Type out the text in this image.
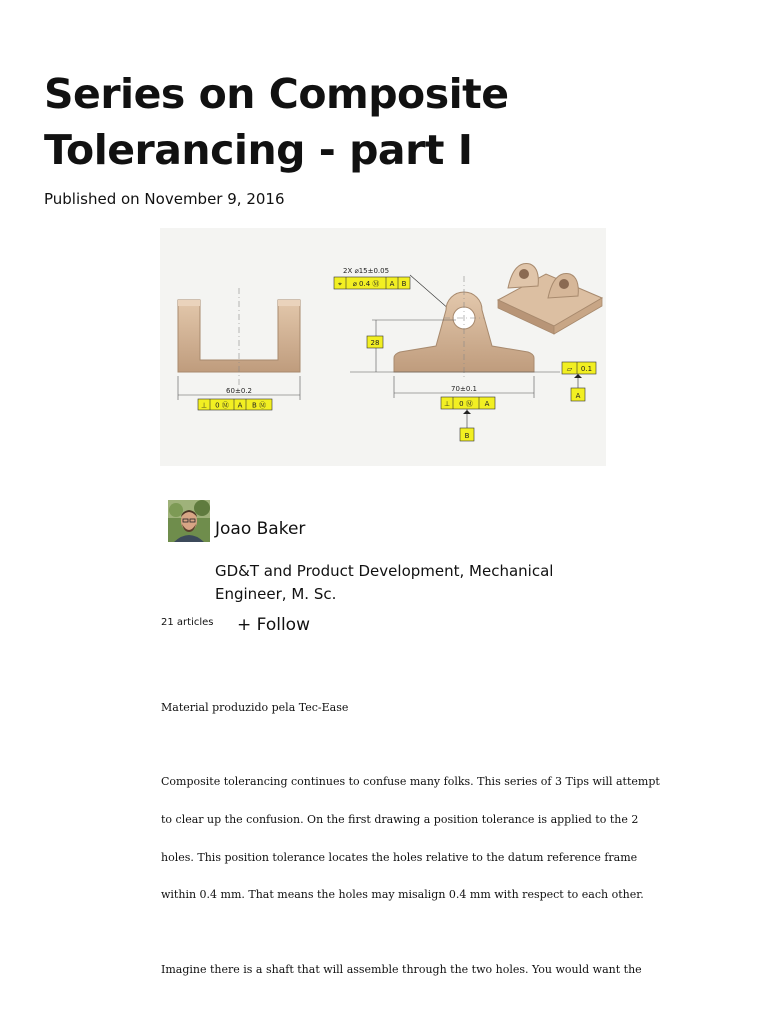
Series on Composite Tolerancing - part I
Published on November 9, 2016
60±0.2
⊥ 0 Ⓜ A B Ⓜ
2X ⌀15±0.05
⌖ ⌀ 0.4 Ⓜ A B
28
70±0.1
⊥ 0 Ⓜ A
B
▱ 0.1
A
Joao Baker
GD&T and Product Development, Mechanical Engineer, M. Sc.
21 articles + Follow

Material produzido pela Tec-Ease

Composite tolerancing continues to confuse many folks. This series of 3 Tips will attempt

to clear up the confusion. On the first drawing a position tolerance is applied to the 2

holes. This position tolerance locates the holes relative to the datum reference frame

within 0.4 mm. That means the holes may misalign 0.4 mm with respect to each other.

Imagine there is a shaft that will assemble through the two holes. You would want the
